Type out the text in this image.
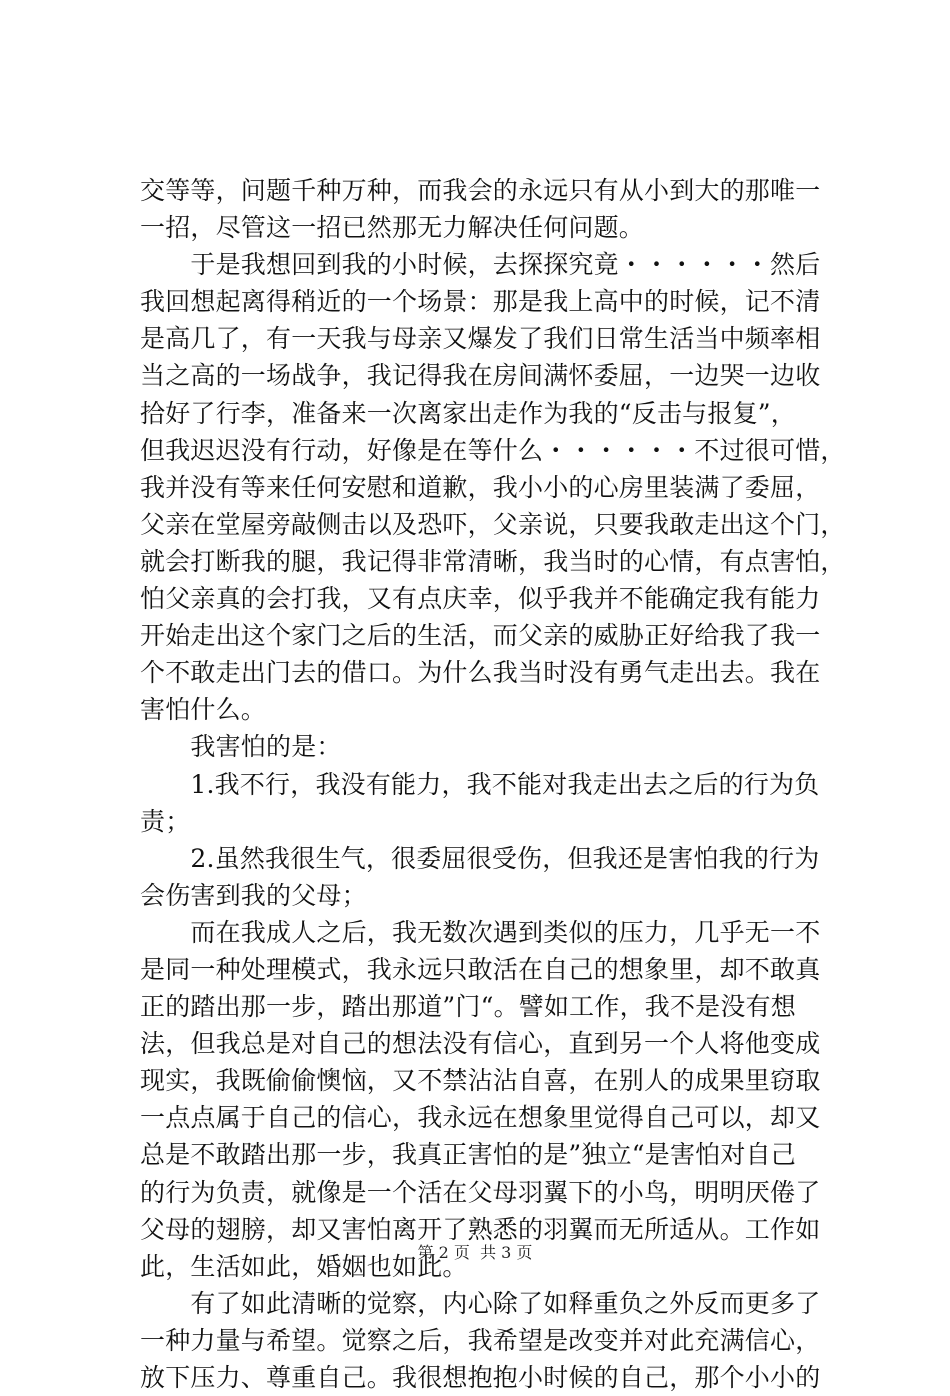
交等等，问题千种万种，而我会的永远只有从小到大的那唯一
一招，尽管这一招已然那无力解决任何问题。
　　于是我想回到我的小时候，去探探究竟・・・・・・然后
我回想起离得稍近的一个场景：那是我上高中的时候，记不清
是高几了，有一天我与母亲又爆发了我们日常生活当中频率相
当之高的一场战争，我记得我在房间满怀委屈，一边哭一边收
拾好了行李，准备来一次离家出走作为我的“反击与报复”，
但我迟迟没有行动，好像是在等什么・・・・・・不过很可惜，
我并没有等来任何安慰和道歉，我小小的心房里装满了委屈，
父亲在堂屋旁敲侧击以及恐吓，父亲说，只要我敢走出这个门，
就会打断我的腿，我记得非常清晰，我当时的心情，有点害怕，
怕父亲真的会打我，又有点庆幸，似乎我并不能确定我有能力
开始走出这个家门之后的生活，而父亲的威胁正好给我了我一
个不敢走出门去的借口。为什么我当时没有勇气走出去。我在
害怕什么。
　　我害怕的是：
　　1.我不行，我没有能力，我不能对我走出去之后的行为负
责；
　　2.虽然我很生气，很委屈很受伤，但我还是害怕我的行为
会伤害到我的父母；
　　而在我成人之后，我无数次遇到类似的压力，几乎无一不
是同一种处理模式，我永远只敢活在自己的想象里，却不敢真
正的踏出那一步，踏出那道”门“。譬如工作，我不是没有想
法，但我总是对自己的想法没有信心，直到另一个人将他变成
现实，我既偷偷懊恼，又不禁沾沾自喜，在别人的成果里窃取
一点点属于自己的信心，我永远在想象里觉得自己可以，却又
总是不敢踏出那一步，我真正害怕的是”独立“是害怕对自己
的行为负责，就像是一个活在父母羽翼下的小鸟，明明厌倦了
父母的翅膀，却又害怕离开了熟悉的羽翼而无所适从。工作如
此，生活如此，婚姻也如此。
　　有了如此清晰的觉察，内心除了如释重负之外反而更多了
一种力量与希望。觉察之后，我希望是改变并对此充满信心，
放下压力、尊重自己。我很想抱抱小时候的自己，那个小小的
第 2 页  共 3 页
